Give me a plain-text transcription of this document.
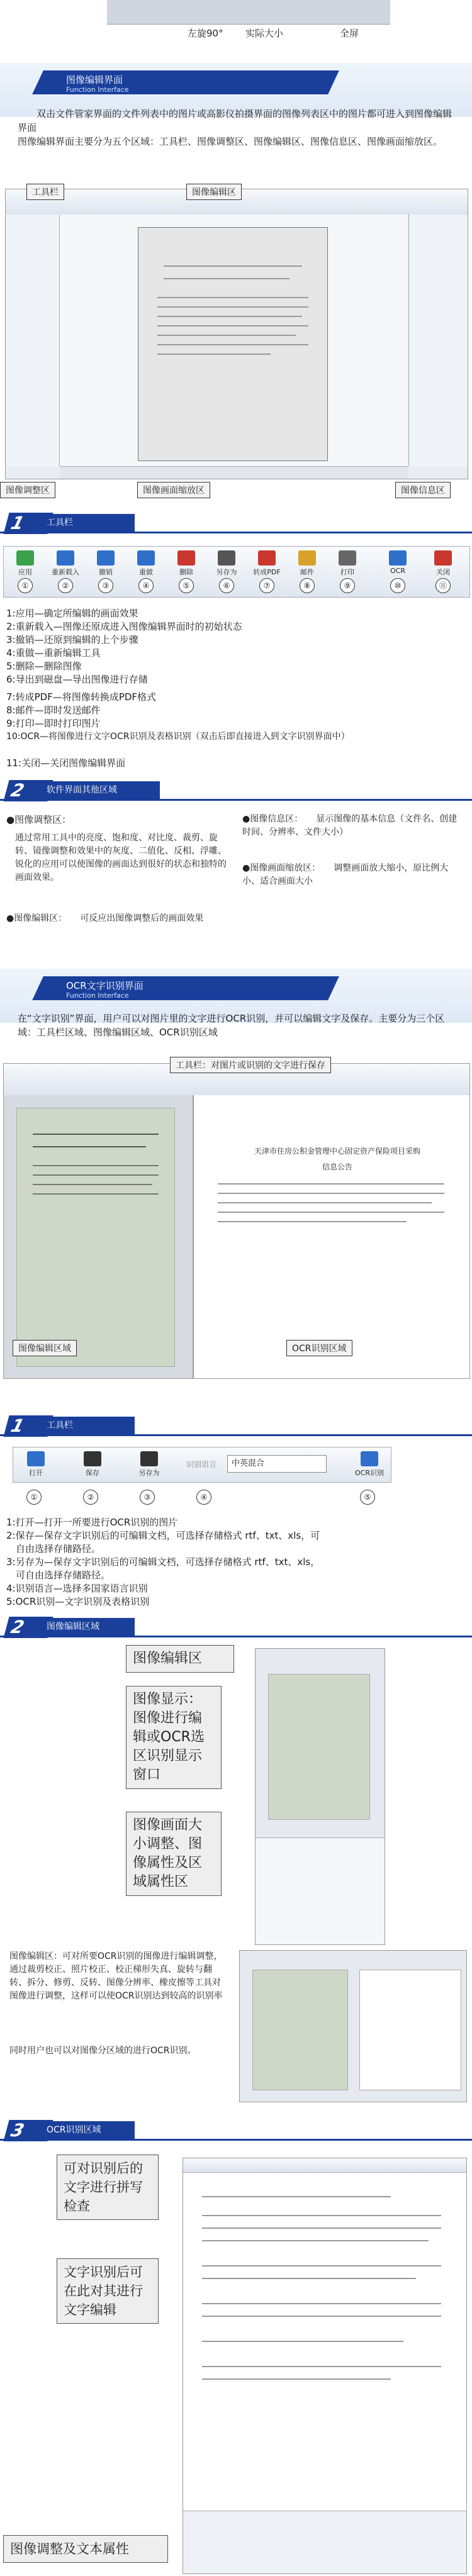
左旋90° 实际大小	全屏
图像编辑界面
Function Interface
双击文件管家界面的文件列表中的图片或高影仪拍摄界面的图像列表区中的图片都可进入到图像编辑界面
图像编辑界面主要分为五个区域：工具栏、图像调整区、图像编辑区、图像信息区、图像画面缩放区。
工具栏	图像编辑区
图像调整区	图像画面缩放区	图像信息区
1	工具栏
应用	重新载入	撤销	重做	删除	另存为	转成PDF	邮件	打印	OCR	关闭
①	②	③	④	⑤	⑥	⑦	⑧	⑨	⑩	⑪
1:应用—确定所编辑的画面效果
2:重新载入—图像还原成进入图像编辑界面时的初始状态
3:撤销—还原到编辑的上个步骤
4:重做—重新编辑工具
5:删除—删除图像
6:导出到磁盘—导出图像进行存储
7:转成PDF—将图像转换成PDF格式
8:邮件—即时发送邮件
9:打印—即时打印图片
10:OCR—将图像进行文字OCR识别及表格识别（双击后即直接进入到文字识别界面中）
11:关闭—关闭图像编辑界面
2	软件界面其他区域
●图像调整区：
通过常用工具中的亮度、饱和度、对比度、裁剪、旋转、镜像调整和效果中的灰度、二值化、反相、浮雕、锐化的应用可以使图像的画面达到很好的状态和独特的画面效果。
●图像编辑区：　　可反应出图像调整后的画面效果
●图像信息区：　　显示图像的基本信息（文件名、创建时间、分辨率、文件大小）
●图像画面缩放区：　　调整画面放大缩小，原比例大小、适合画面大小
OCR文字识别界面
Function Interface
在“文字识别”界面，用户可以对图片里的文字进行OCR识别，并可以编辑文字及保存。主要分为三个区域：工具栏区域、图像编辑区域、OCR识别区域
天津市住房公积金管理中心固定资产保险项目采购
信息公告
工具栏：对图片或识别的文字进行保存
图像编辑区域	OCR识别区域
1	工具栏
打开	保存	另存为
识别语言	中英混合
OCR识别
①	②	③	④	⑤
1:打开—打开一所要进行OCR识别的图片
2:保存—保存文字识别后的可编辑文档，可选择存储格式 rtf、txt、xls，可
　自由选择存储路径。
3:另存为—保存文字识别后的可编辑文档，可选择存储格式 rtf、txt、xls，
　可自由选择存储路径。
4:识别语言—选择多国家语言识别
5:OCR识别—文字识别及表格识别
2	图像编辑区域
图像编辑区
图像显示：图像进行编辑或OCR选区识别显示窗口
图像画面大小调整、图像属性及区域属性区
图像编辑区：可对所要OCR识别的图像进行编辑调整，通过裁剪校正、照片校正、校正梯形失真、旋转与翻转、拆分、修剪、反转、图像分辨率、橡皮擦等工具对图像进行调整，这样可以使OCR识别达到较高的识别率
同时用户也可以对图像分区域的进行OCR识别。
3	OCR识别区域
可对识别后的文字进行拼写检查
文字识别后可在此对其进行文字编辑
图像调整及文本属性
